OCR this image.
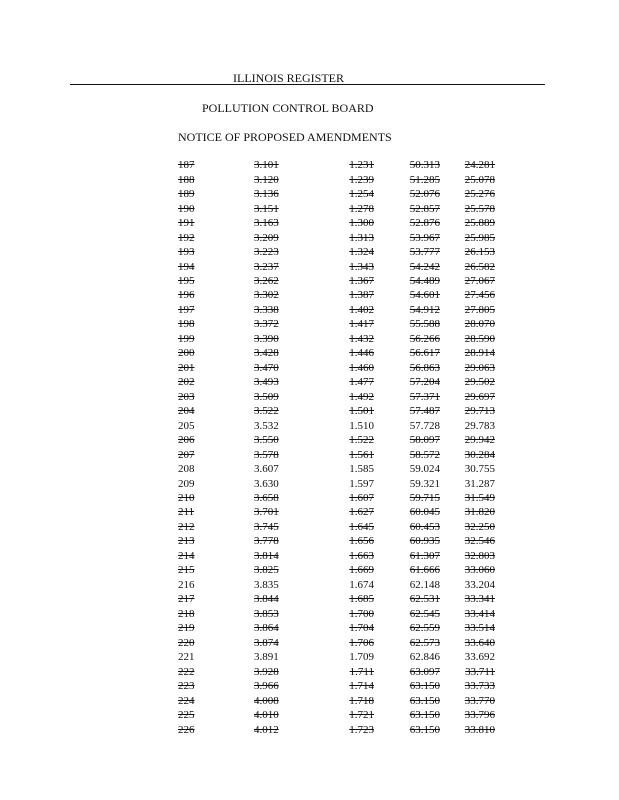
ILLINOIS REGISTER
POLLUTION CONTROL BOARD
NOTICE OF PROPOSED AMENDMENTS
187	3.101	1.231	50.313	24.281
188	3.120	1.239	51.285	25.078
189	3.136	1.254	52.076	25.276
190	3.151	1.278	52.857	25.578
191	3.163	1.300	52.876	25.889
192	3.209	1.313	53.967	25.985
193	3.223	1.324	53.777	26.153
194	3.237	1.343	54.242	26.582
195	3.262	1.367	54.489	27.067
196	3.302	1.387	54.601	27.456
197	3.338	1.402	54.912	27.805
198	3.372	1.417	55.588	28.070
199	3.390	1.432	56.266	28.590
200	3.428	1.446	56.617	28.914
201	3.470	1.460	56.863	29.063
202	3.493	1.477	57.204	29.502
203	3.509	1.492	57.371	29.697
204	3.522	1.501	57.487	29.713
205	3.532	1.510	57.728	29.783
206	3.550	1.522	58.097	29.942
207	3.578	1.561	58.572	30.284
208	3.607	1.585	59.024	30.755
209	3.630	1.597	59.321	31.287
210	3.658	1.607	59.715	31.549
211	3.701	1.627	60.045	31.820
212	3.745	1.645	60.453	32.250
213	3.778	1.656	60.935	32.546
214	3.814	1.663	61.307	32.803
215	3.825	1.669	61.666	33.060
216	3.835	1.674	62.148	33.204
217	3.844	1.685	62.531	33.341
218	3.853	1.700	62.545	33.414
219	3.864	1.704	62.559	33.514
220	3.874	1.706	62.573	33.640
221	3.891	1.709	62.846	33.692
222	3.928	1.711	63.097	33.711
223	3.966	1.714	63.150	33.733
224	4.008	1.718	63.150	33.770
225	4.010	1.721	63.150	33.796
226	4.012	1.723	63.150	33.810
